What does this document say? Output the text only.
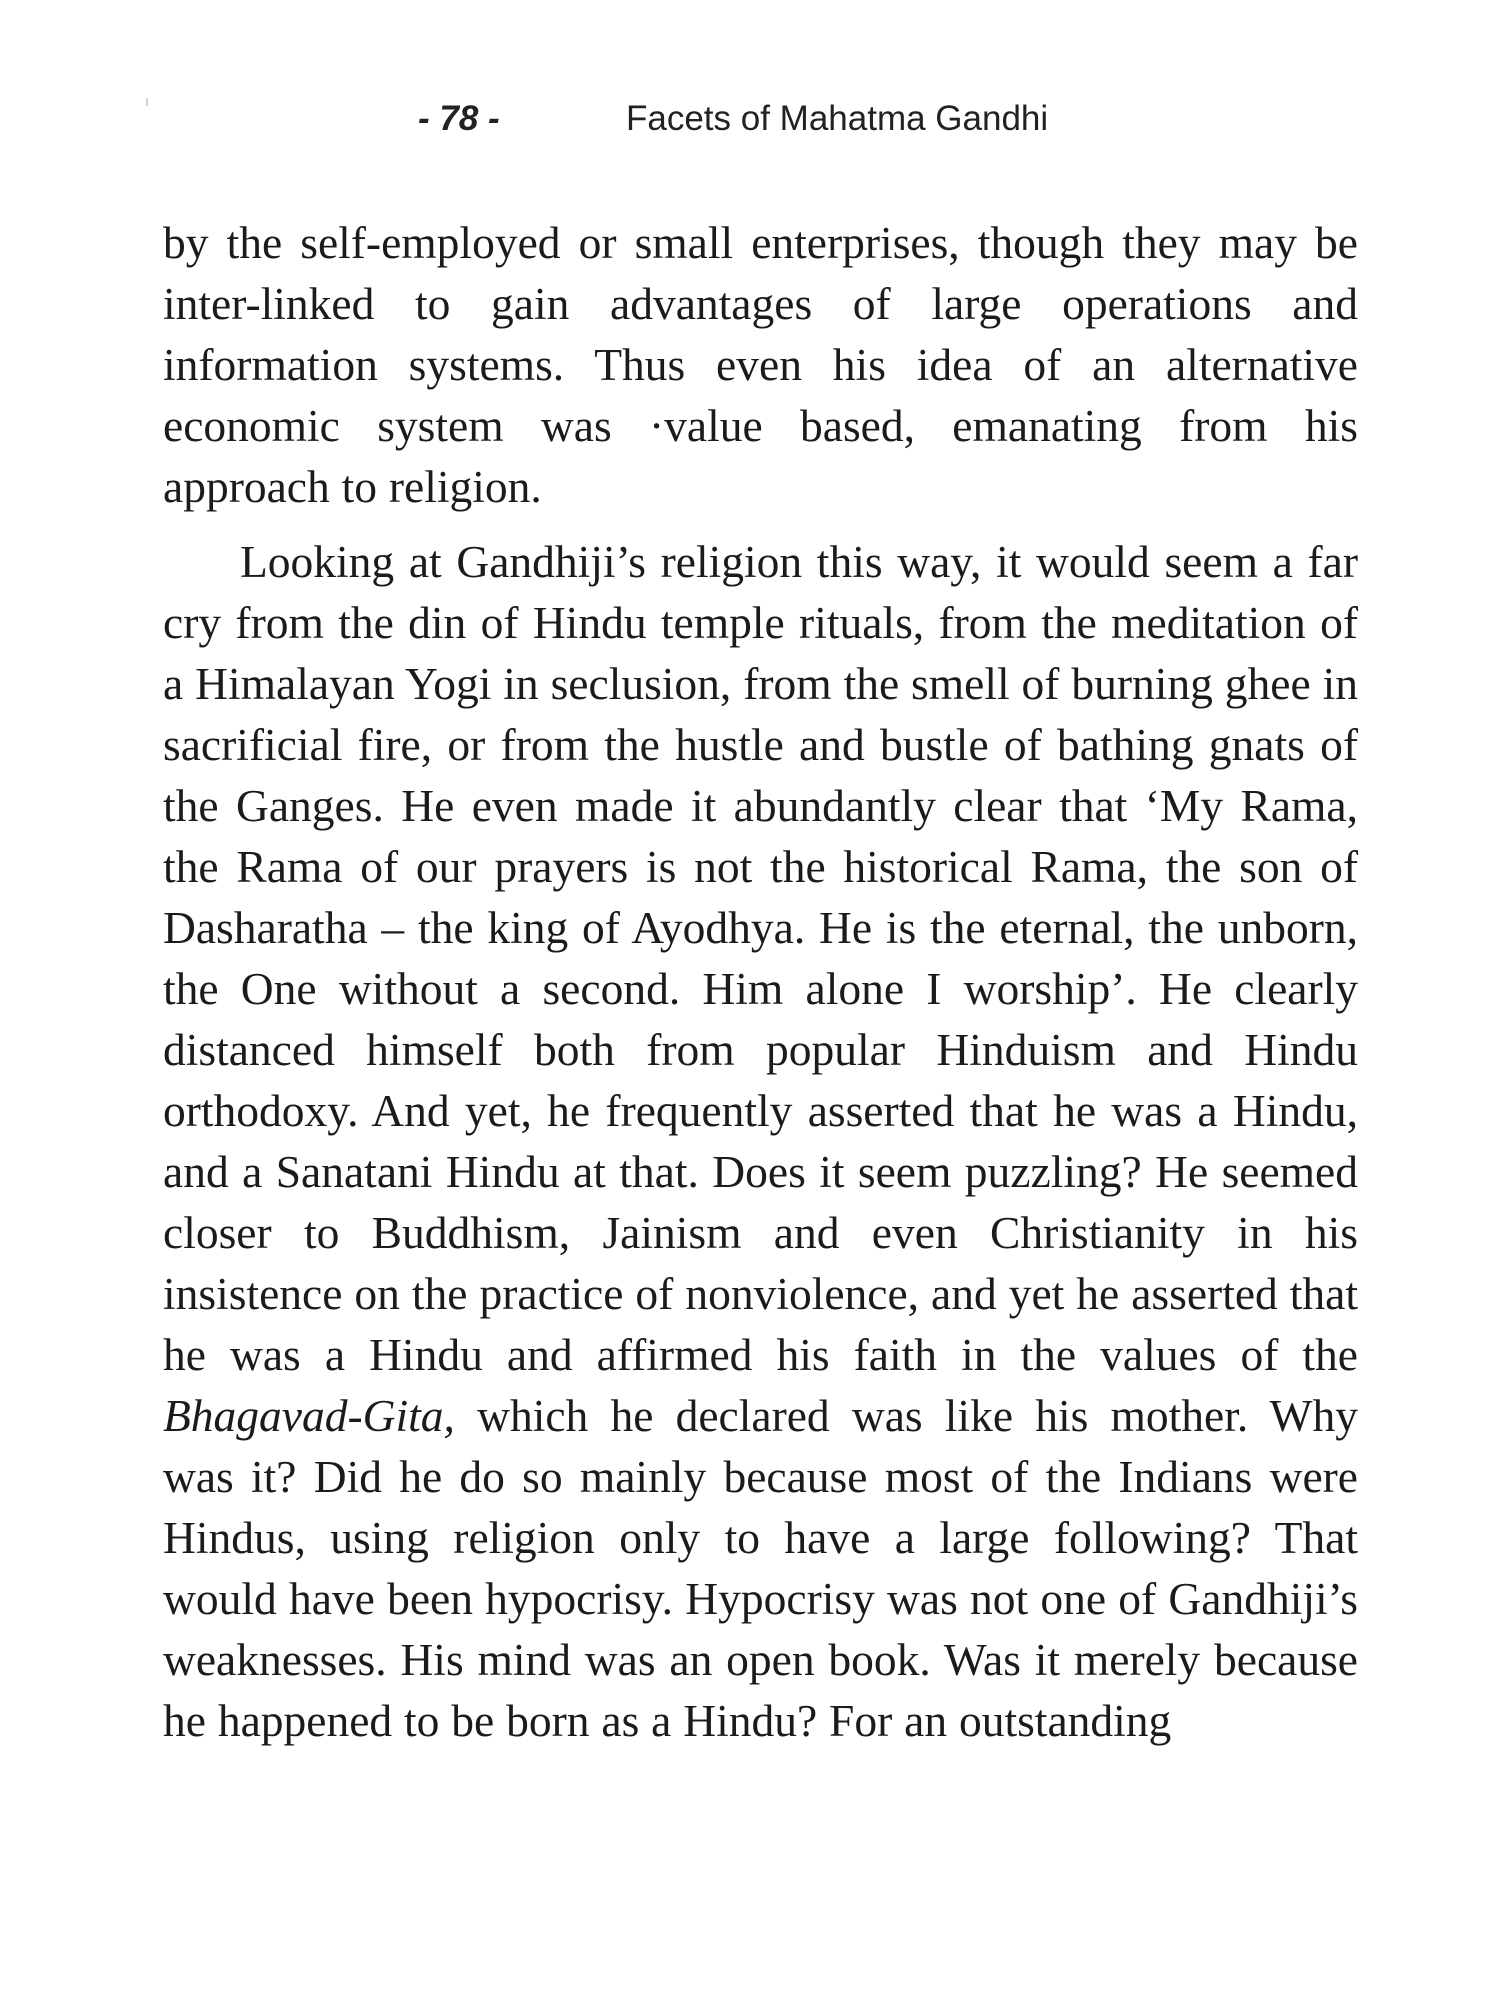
- 78 -	Facets of Mahatma Gandhi

by the self-employed or small enterprises, though they may be inter-linked to gain advantages of large operations and information systems. Thus even his idea of an alternative economic system was ·value based, emanating from his approach to religion.

Looking at Gandhiji’s religion this way, it would seem a far cry from the din of Hindu temple rituals, from the meditation of a Himalayan Yogi in seclusion, from the smell of burning ghee in sacrificial fire, or from the hustle and bustle of bathing gnats of the Ganges. He even made it abundantly clear that ‘My Rama, the Rama of our prayers is not the historical Rama, the son of Dasharatha – the king of Ayodhya. He is the eternal, the unborn, the One without a second. Him alone I worship’. He clearly distanced himself both from popular Hinduism and Hindu orthodoxy. And yet, he frequently asserted that he was a Hindu, and a Sanatani Hindu at that. Does it seem puzzling? He seemed closer to Buddhism, Jainism and even Christianity in his insistence on the practice of nonviolence, and yet he asserted that he was a Hindu and affirmed his faith in the values of the Bhagavad-Gita, which he declared was like his mother. Why was it? Did he do so mainly because most of the Indians were Hindus, using religion only to have a large following? That would have been hypocrisy. Hypocrisy was not one of Gandhiji’s weaknesses. His mind was an open book. Was it merely because he happened to be born as a Hindu? For an outstanding
